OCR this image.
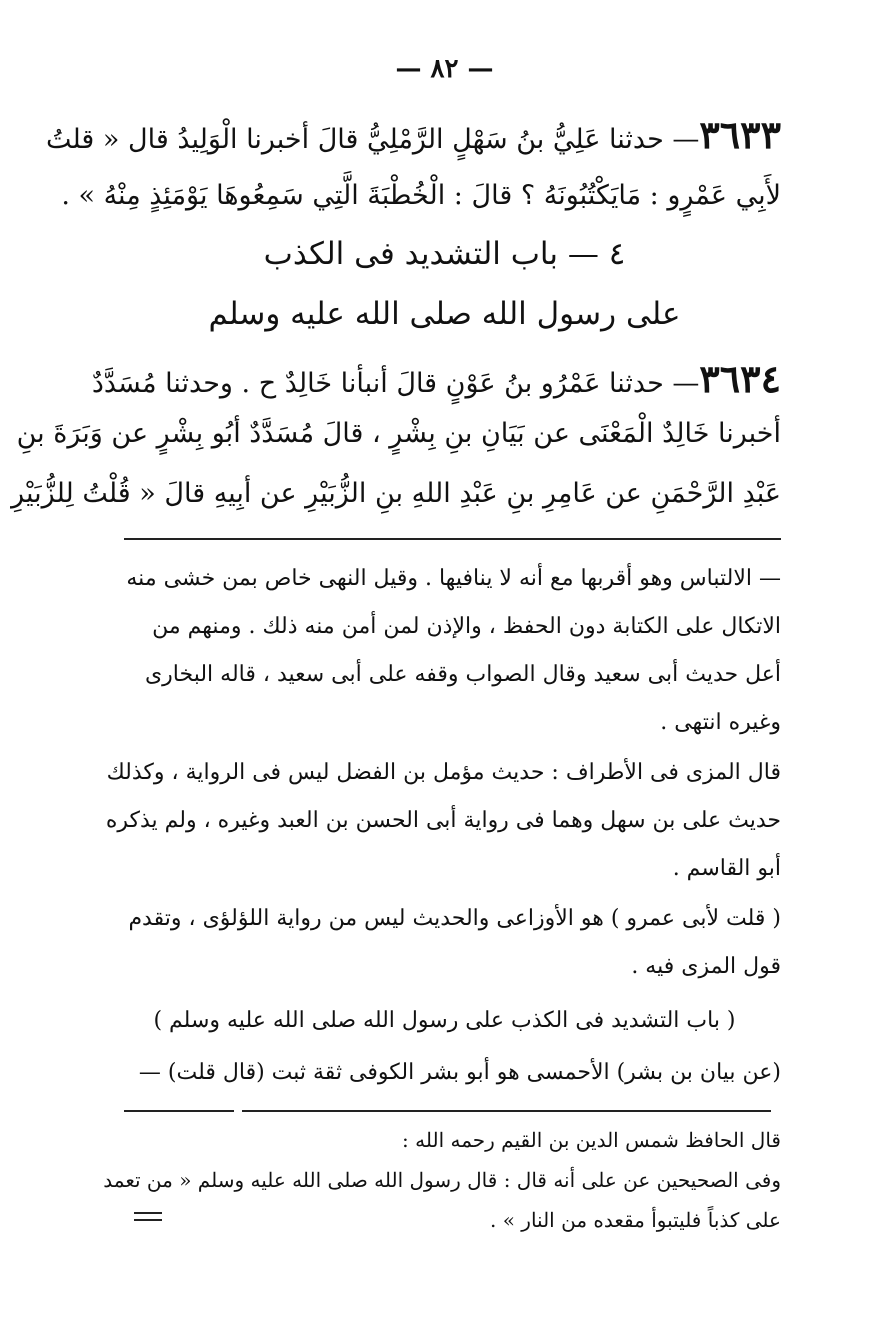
— ٨٢ —
٣٦٣٣— حدثنا عَلِيُّ بنُ سَهْلٍ الرَّمْلِيُّ قالَ أخبرنا الْوَلِيدُ قال « قلتُ
لأَبِي عَمْرٍو : مَايَكْتُبُونَهُ ؟ قالَ : الْخُطْبَةَ الَّتِي سَمِعُوهَا يَوْمَئِذٍ مِنْهُ » .
٤ — باب التشديد فى الكذب
على رسول الله صلى الله عليه وسلم
٣٦٣٤— حدثنا عَمْرُو بنُ عَوْنٍ قالَ أنبأنا خَالِدٌ ح . وحدثنا مُسَدَّدٌ
أخبرنا خَالِدٌ الْمَعْنَى عن بَيَانِ بنِ بِشْرٍ ، قالَ مُسَدَّدٌ أبُو بِشْرٍ عن وَبَرَةَ بنِ
عَبْدِ الرَّحْمَنِ عن عَامِرِ بنِ عَبْدِ اللهِ بنِ الزُّبَيْرِ عن أبِيهِ قالَ « قُلْتُ لِلزُّبَيْرِ
— الالتباس وهو أقربها مع أنه لا ينافيها . وقيل النهى خاص بمن خشى منه
الاتكال على الكتابة دون الحفظ ، والإذن لمن أمن منه ذلك . ومنهم من
أعل حديث أبى سعيد وقال الصواب وقفه على أبى سعيد ، قاله البخارى
وغيره انتهى .
قال المزى فى الأطراف : حديث مؤمل بن الفضل ليس فى الرواية ، وكذلك
حديث على بن سهل وهما فى رواية أبى الحسن بن العبد وغيره ، ولم يذكره
أبو القاسم .
( قلت لأبى عمرو ) هو الأوزاعى والحديث ليس من رواية اللؤلؤى ، وتقدم
قول المزى فيه .
( باب التشديد فى الكذب على رسول الله صلى الله عليه وسلم )
(عن بيان بن بشر) الأحمسى هو أبو بشر الكوفى ثقة ثبت (قال قلت) —
قال الحافظ شمس الدين بن القيم رحمه الله :
وفى الصحيحين عن على أنه قال : قال رسول الله صلى الله عليه وسلم « من تعمد
على كذباً فليتبوأ مقعده من النار » .
